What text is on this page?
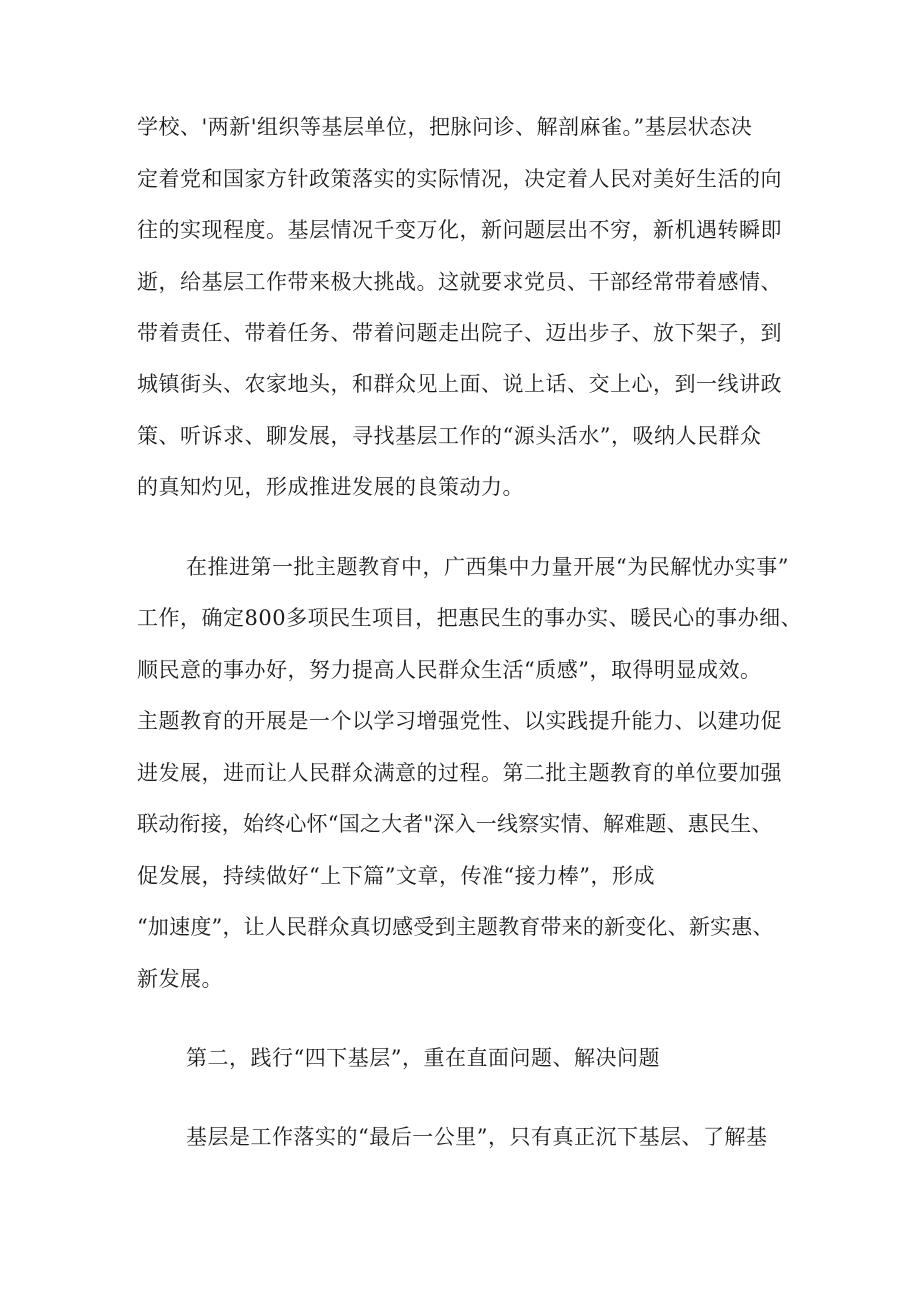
学校、'两新'组织等基层单位，把脉问诊、解剖麻雀。”基层状态决
定着党和国家方针政策落实的实际情况，决定着人民对美好生活的向
往的实现程度。基层情况千变万化，新问题层出不穷，新机遇转瞬即
逝，给基层工作带来极大挑战。这就要求党员、干部经常带着感情、
带着责任、带着任务、带着问题走出院子、迈出步子、放下架子，到
城镇街头、农家地头，和群众见上面、说上话、交上心，到一线讲政
策、听诉求、聊发展，寻找基层工作的“源头活水”，吸纳人民群众
的真知灼见，形成推进发展的良策动力。
在推进第一批主题教育中，广西集中力量开展“为民解忧办实事”
工作，确定800多项民生项目，把惠民生的事办实、暖民心的事办细、
顺民意的事办好，努力提高人民群众生活“质感”，取得明显成效。
主题教育的开展是一个以学习增强党性、以实践提升能力、以建功促
进发展，进而让人民群众满意的过程。第二批主题教育的单位要加强
联动衔接，始终心怀“国之大者"深入一线察实情、解难题、惠民生、
促发展，持续做好“上下篇”文章，传准“接力棒”，形成
“加速度”，让人民群众真切感受到主题教育带来的新变化、新实惠、
新发展。
第二，践行“四下基层”，重在直面问题、解决问题
基层是工作落实的“最后一公里”，只有真正沉下基层、了解基
